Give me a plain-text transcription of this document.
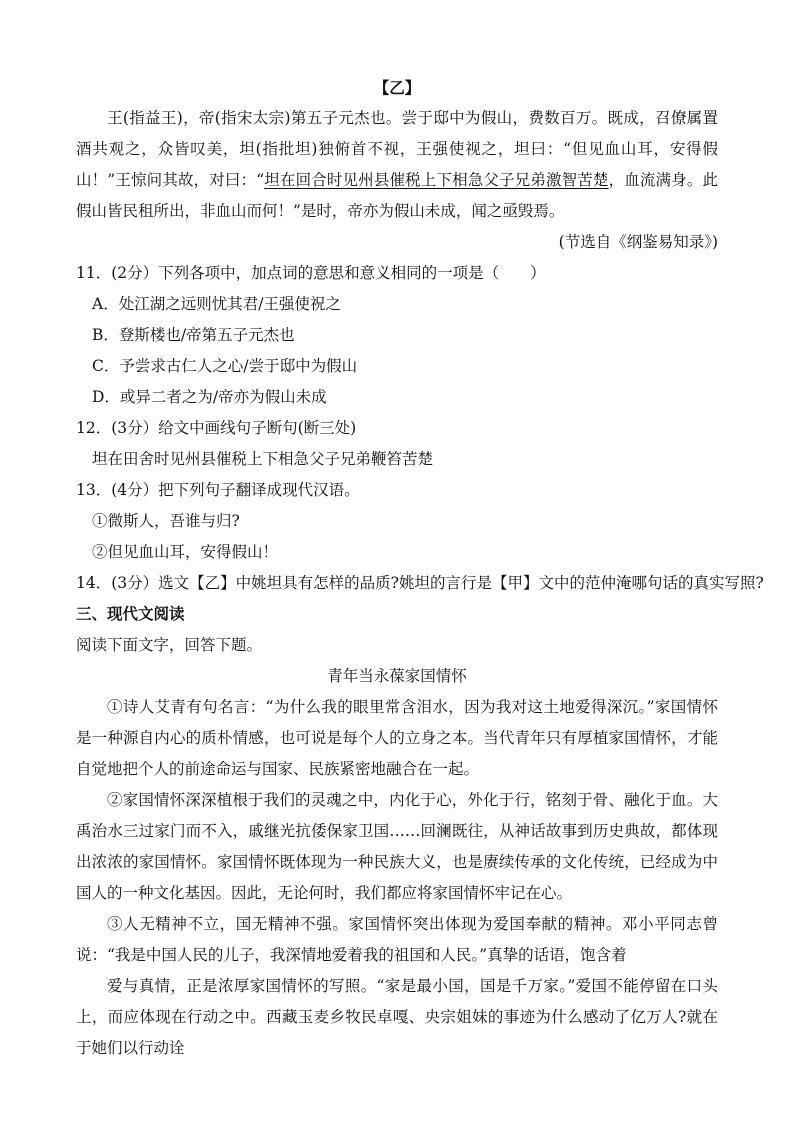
【乙】

王(指益王)，帝(指宋太宗)第五子元杰也。尝于邸中为假山，费数百万。既成，召僚属置酒共观之，众皆叹美，坦(指批坦)独俯首不视，王强使视之，坦曰：“但见血山耳，安得假山！”王惊问其故，对曰：“坦在回合时见州县催税上下相急父子兄弟激智苦楚，血流满身。此假山皆民租所出，非血山而何！”是时，帝亦为假山未成，闻之亟毁焉。

(节选自《纲鉴易知录》)

11．(2分）下列各项中，加点词的意思和意义相同的一项是（　　）

A．处江湖之远则忧其君/王强使祝之

B．登斯楼也/帝第五子元杰也

C．予尝求古仁人之心/尝于邸中为假山

D．或异二者之为/帝亦为假山未成

12．(3分）给文中画线句子断句(断三处)

坦在田舍时见州县催税上下相急父子兄弟鞭笞苦楚

13．(4分）把下列句子翻译成现代汉语。

①微斯人，吾谁与归?

②但见血山耳，安得假山！

14．(3分）选文【乙】中姚坦具有怎样的品质?姚坦的言行是【甲】文中的范仲淹哪句话的真实写照?

三、现代文阅读

阅读下面文字，回答下题。

青年当永葆家国情怀

①诗人艾青有句名言：“为什么我的眼里常含泪水，因为我对这土地爱得深沉。”家国情怀是一种源自内心的质朴情感，也可说是每个人的立身之本。当代青年只有厚植家国情怀，才能自觉地把个人的前途命运与国家、民族紧密地融合在一起。

②家国情怀深深植根于我们的灵魂之中，内化于心，外化于行，铭刻于骨、融化于血。大禹治水三过家门而不入，戚继光抗倭保家卫国……回澜既往，从神话故事到历史典故，都体现出浓浓的家国情怀。家国情怀既体现为一种民族大义，也是赓续传承的文化传统，已经成为中国人的一种文化基因。因此，无论何时，我们都应将家国情怀牢记在心。

③人无精神不立，国无精神不强。家国情怀突出体现为爱国奉献的精神。邓小平同志曾说：“我是中国人民的儿子，我深情地爱着我的祖国和人民。”真挚的话语，饱含着

爱与真情，正是浓厚家国情怀的写照。“家是最小国，国是千万家。”爱国不能停留在口头上，而应体现在行动之中。西藏玉麦乡牧民卓嘎、央宗姐妹的事迹为什么感动了亿万人?就在于她们以行动诠
